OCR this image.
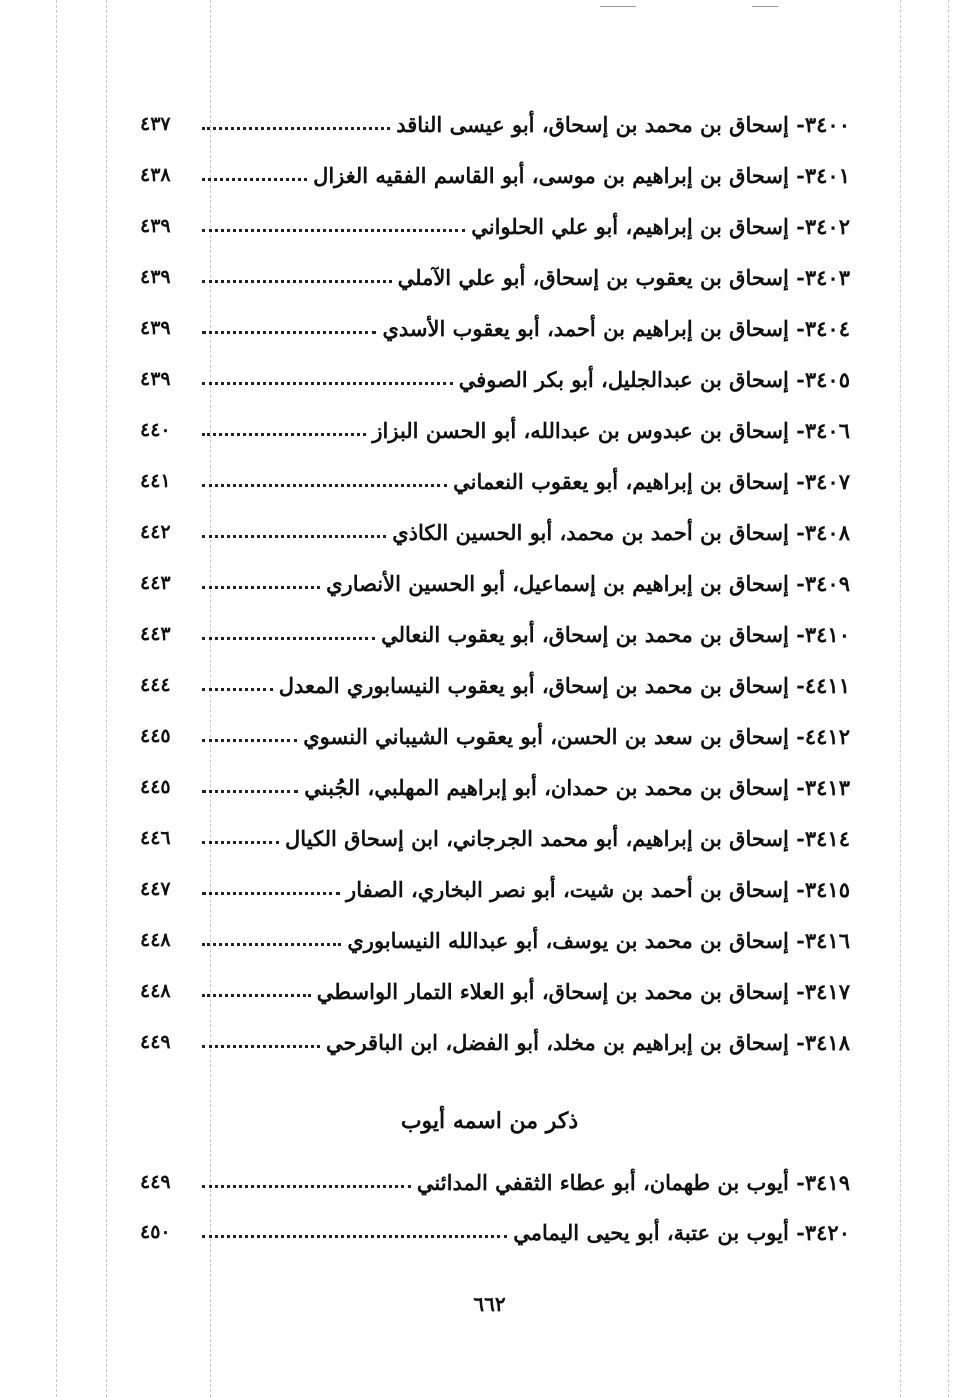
٤٣٧	٣٤٠٠- إسحاق بن محمد بن إسحاق، أبو عيسى الناقد
٤٣٨	٣٤٠١- إسحاق بن إبراهيم بن موسى، أبو القاسم الفقيه الغزال
٤٣٩	٣٤٠٢- إسحاق بن إبراهيم، أبو علي الحلواني
٤٣٩	٣٤٠٣- إسحاق بن يعقوب بن إسحاق، أبو علي الآملي
٤٣٩	٣٤٠٤- إسحاق بن إبراهيم بن أحمد، أبو يعقوب الأسدي
٤٣٩	٣٤٠٥- إسحاق بن عبدالجليل، أبو بكر الصوفي
٤٤٠	٣٤٠٦- إسحاق بن عبدوس بن عبدالله، أبو الحسن البزاز
٤٤١	٣٤٠٧- إسحاق بن إبراهيم، أبو يعقوب النعماني
٤٤٢	٣٤٠٨- إسحاق بن أحمد بن محمد، أبو الحسين الكاذي
٤٤٣	٣٤٠٩- إسحاق بن إبراهيم بن إسماعيل، أبو الحسين الأنصاري
٤٤٣	٣٤١٠- إسحاق بن محمد بن إسحاق، أبو يعقوب النعالي
٤٤٤	٤٤١١- إسحاق بن محمد بن إسحاق، أبو يعقوب النيسابوري المعدل
٤٤٥	٤٤١٢- إسحاق بن سعد بن الحسن، أبو يعقوب الشيباني النسوي
٤٤٥	٣٤١٣- إسحاق بن محمد بن حمدان، أبو إبراهيم المهلبي، الجُبني
٤٤٦	٣٤١٤- إسحاق بن إبراهيم، أبو محمد الجرجاني، ابن إسحاق الكيال
٤٤٧	٣٤١٥- إسحاق بن أحمد بن شيت، أبو نصر البخاري، الصفار
٤٤٨	٣٤١٦- إسحاق بن محمد بن يوسف، أبو عبدالله النيسابوري
٤٤٨	٣٤١٧- إسحاق بن محمد بن إسحاق، أبو العلاء التمار الواسطي
٤٤٩	٣٤١٨- إسحاق بن إبراهيم بن مخلد، أبو الفضل، ابن الباقرحي
ذكر من اسمه أيوب
٤٤٩	٣٤١٩- أيوب بن طهمان، أبو عطاء الثقفي المدائني
٤٥٠	٣٤٢٠- أيوب بن عتبة، أبو يحيى اليمامي
٦٦٢
